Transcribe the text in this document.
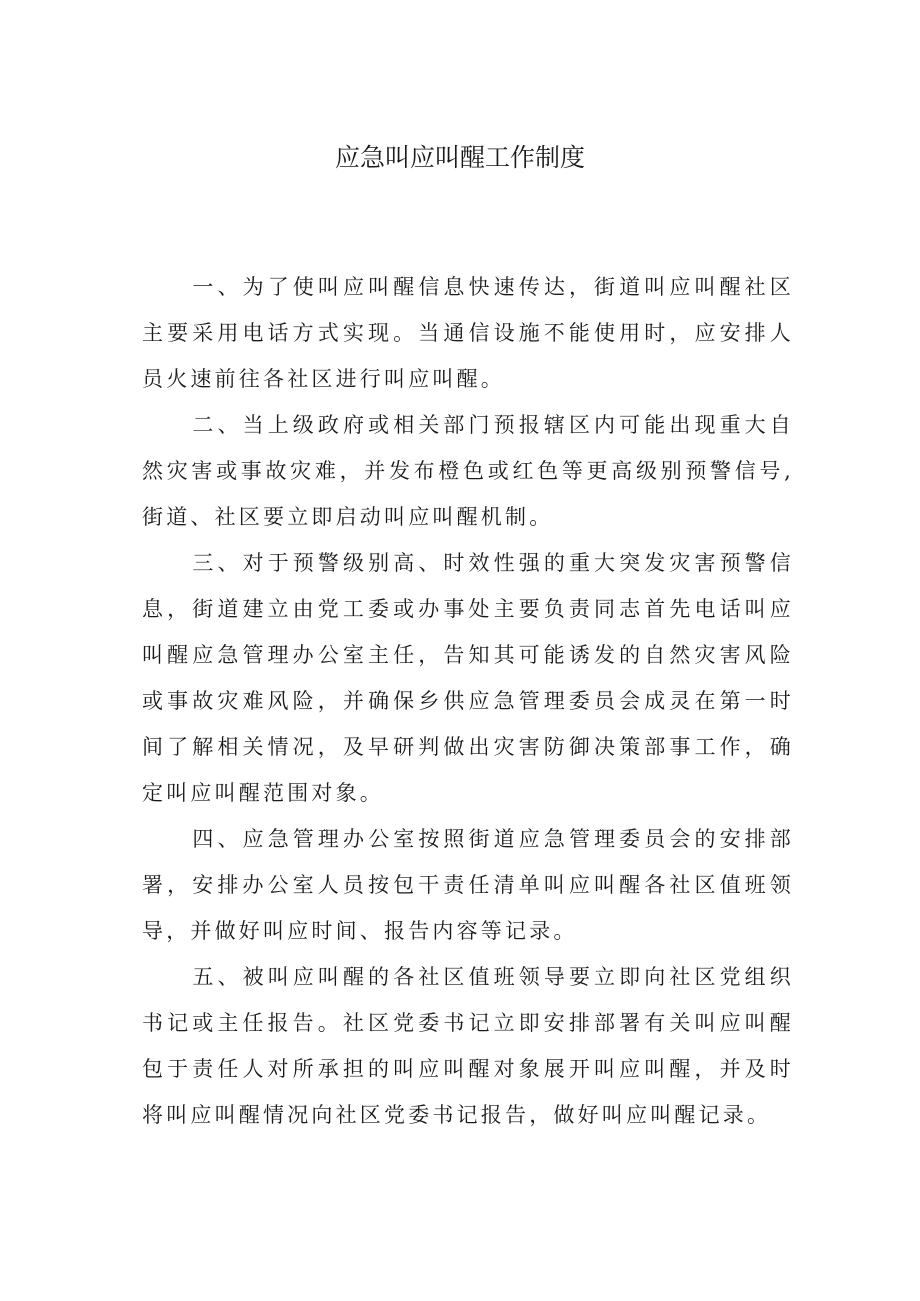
应急叫应叫醒工作制度

一、为了使叫应叫醒信息快速传达，街道叫应叫醒社区主要采用电话方式实现。当通信设施不能使用时，应安排人员火速前往各社区进行叫应叫醒。

二、当上级政府或相关部门预报辖区内可能出现重大自然灾害或事故灾难，并发布橙色或红色等更高级别预警信号,街道、社区要立即启动叫应叫醒机制。

三、对于预警级别高、时效性强的重大突发灾害预警信息，街道建立由党工委或办事处主要负责同志首先电话叫应叫醒应急管理办公室主任，告知其可能诱发的自然灾害风险或事故灾难风险，并确保乡供应急管理委员会成灵在第一时间了解相关情况，及早研判做出灾害防御决策部事工作，确定叫应叫醒范围对象。

四、应急管理办公室按照街道应急管理委员会的安排部署，安排办公室人员按包干责任清单叫应叫醒各社区值班领导，并做好叫应时间、报告内容等记录。

五、被叫应叫醒的各社区值班领导要立即向社区党组织书记或主任报告。社区党委书记立即安排部署有关叫应叫醒包于责任人对所承担的叫应叫醒对象展开叫应叫醒，并及时将叫应叫醒情况向社区党委书记报告，做好叫应叫醒记录。
